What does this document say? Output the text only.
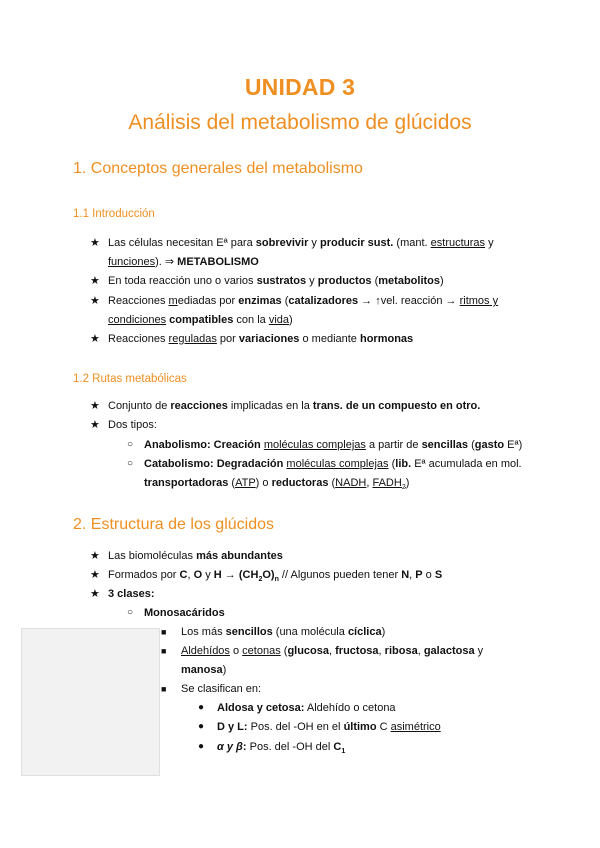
UNIDAD 3
Análisis del metabolismo de glúcidos
1. Conceptos generales del metabolismo
1.1 Introducción
★ Las células necesitan Eª para sobrevivir y producir sust. (mant. estructuras y
funciones). ⇒ METABOLISMO
★ En toda reacción uno o varios sustratos y productos (metabolitos)
★ Reacciones mediadas por enzimas (catalizadores → ↑vel. reacción → ritmos y
condiciones compatibles con la vida)
★ Reacciones reguladas por variaciones o mediante hormonas
1.2 Rutas metabólicas
★ Conjunto de reacciones implicadas en la trans. de un compuesto en otro.
★ Dos tipos:
○ Anabolismo: Creación moléculas complejas a partir de sencillas (gasto Eª)
○ Catabolismo: Degradación moléculas complejas (lib. Eª acumulada en mol.
transportadoras (ATP) o reductoras (NADH, $FADH_2$)
2. Estructura de los glúcidos
★ Las biomoléculas más abundantes
★ Formados por C, O y $H \to (CH_2O)_n$ // Algunos pueden tener N, P o S
★ 3 clases:
○ Monosacáridos
■ Los más sencillos (una molécula cíclica)
■ Aldehídos o cetonas (glucosa, fructosa, ribosa, galactosa y
manosa)
■ Se clasifican en:
● Aldosa y cetosa: Aldehído o cetona
● D y L: Pos. del -OH en el último C asimétrico
● α y β: Pos. del -OH del $C_1$
